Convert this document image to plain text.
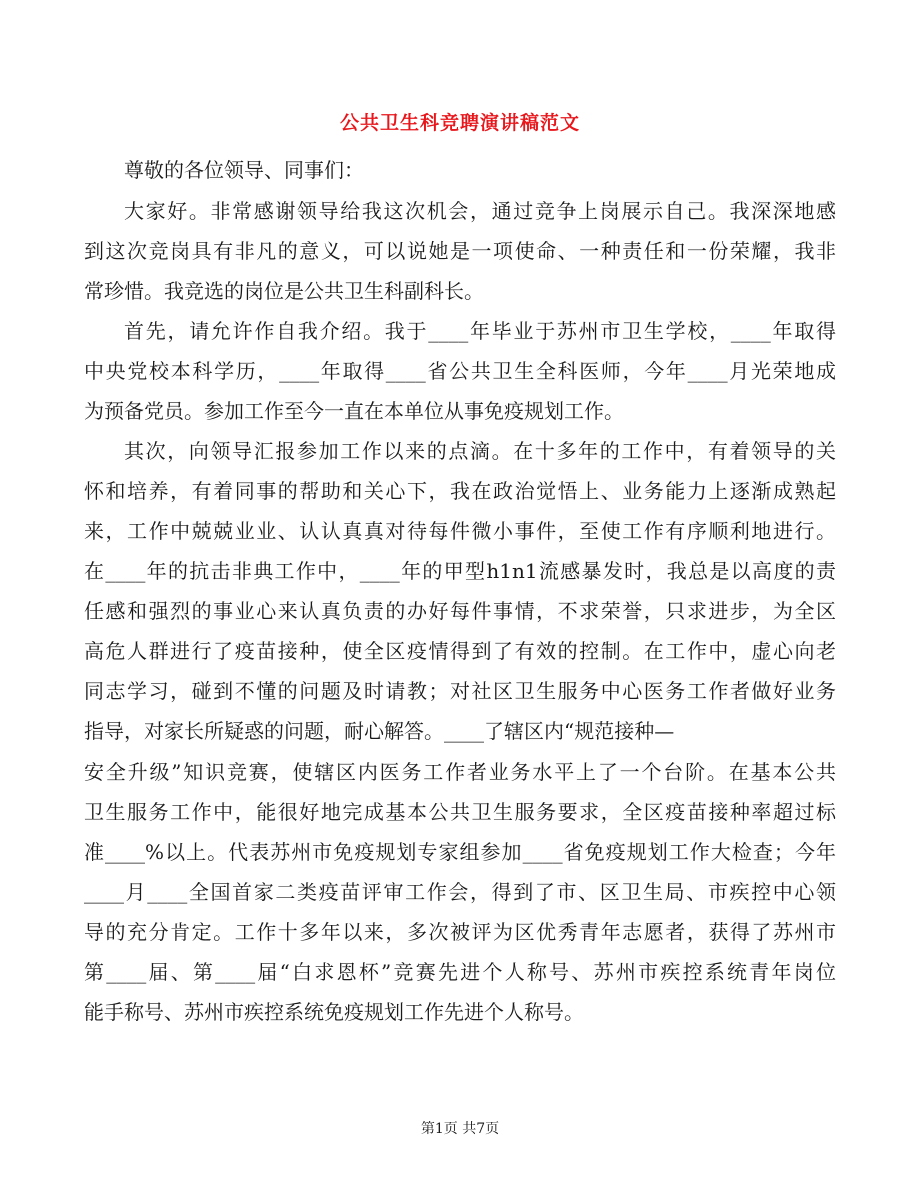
公共卫生科竞聘演讲稿范文
尊敬的各位领导、同事们：
大家好。非常感谢领导给我这次机会，通过竞争上岗展示自己。我深深地感
到这次竞岗具有非凡的意义，可以说她是一项使命、一种责任和一份荣耀，我非
常珍惜。我竞选的岗位是公共卫生科副科长。
首先，请允许作自我介绍。我于____年毕业于苏州市卫生学校，____年取得
中央党校本科学历，____年取得____省公共卫生全科医师，今年____月光荣地成
为预备党员。参加工作至今一直在本单位从事免疫规划工作。
其次，向领导汇报参加工作以来的点滴。在十多年的工作中，有着领导的关
怀和培养，有着同事的帮助和关心下，我在政治觉悟上、业务能力上逐渐成熟起
来，工作中兢兢业业、认认真真对待每件微小事件，至使工作有序顺利地进行。
在____年的抗击非典工作中，____年的甲型h1n1流感暴发时，我总是以高度的责
任感和强烈的事业心来认真负责的办好每件事情，不求荣誉，只求进步，为全区
高危人群进行了疫苗接种，使全区疫情得到了有效的控制。在工作中，虚心向老
同志学习，碰到不懂的问题及时请教；对社区卫生服务中心医务工作者做好业务
指导，对家长所疑惑的问题，耐心解答。____了辖区内“规范接种—
安全升级”知识竞赛，使辖区内医务工作者业务水平上了一个台阶。在基本公共
卫生服务工作中，能很好地完成基本公共卫生服务要求，全区疫苗接种率超过标
准____%以上。代表苏州市免疫规划专家组参加____省免疫规划工作大检查；今年
____月____全国首家二类疫苗评审工作会，得到了市、区卫生局、市疾控中心领
导的充分肯定。工作十多年以来，多次被评为区优秀青年志愿者，获得了苏州市
第____届、第____届“白求恩杯”竞赛先进个人称号、苏州市疾控系统青年岗位
能手称号、苏州市疾控系统免疫规划工作先进个人称号。
第1页 共7页
